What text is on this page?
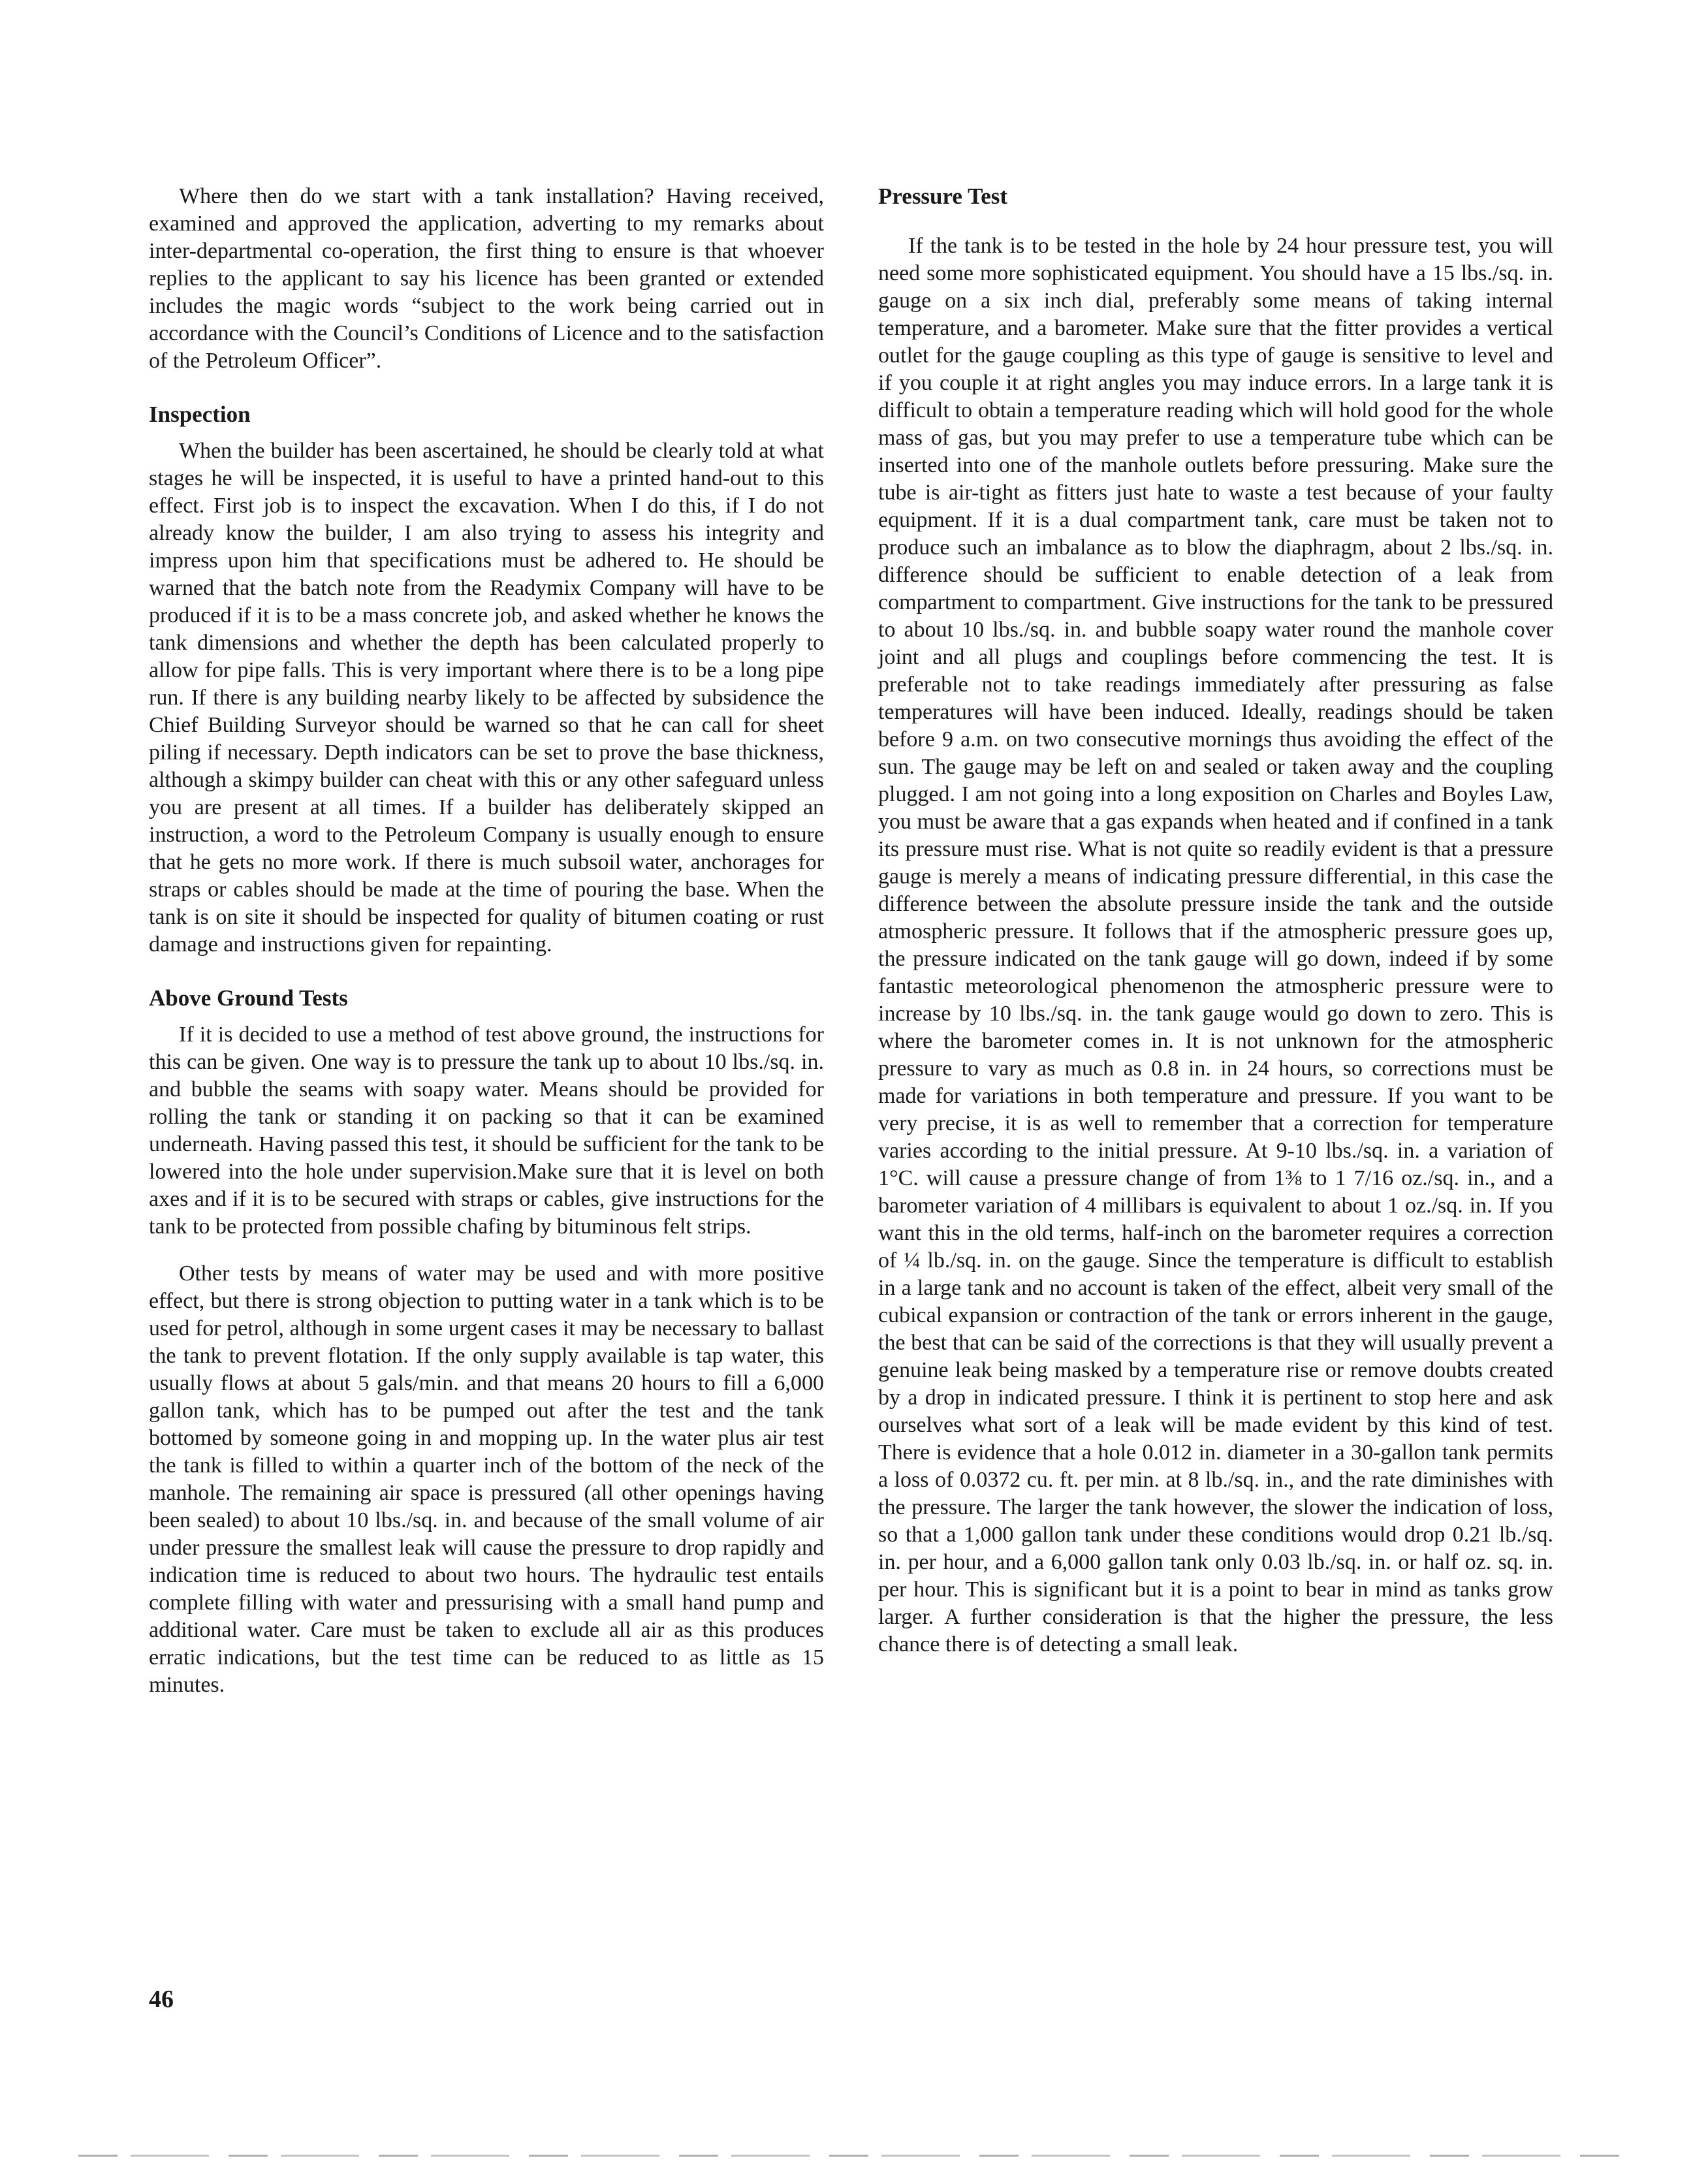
Where then do we start with a tank installation? Having received, examined and approved the application, adverting to my remarks about inter-departmental co-operation, the first thing to ensure is that whoever replies to the applicant to say his licence has been granted or extended includes the magic words “subject to the work being carried out in accordance with the Council’s Conditions of Licence and to the satisfaction of the Petroleum Officer”.

Inspection

When the builder has been ascertained, he should be clearly told at what stages he will be inspected, it is useful to have a printed hand-out to this effect. First job is to inspect the excavation. When I do this, if I do not already know the builder, I am also trying to assess his integrity and impress upon him that specifications must be adhered to. He should be warned that the batch note from the Readymix Company will have to be produced if it is to be a mass concrete job, and asked whether he knows the tank dimensions and whether the depth has been calculated properly to allow for pipe falls. This is very important where there is to be a long pipe run. If there is any building nearby likely to be affected by subsidence the Chief Building Surveyor should be warned so that he can call for sheet piling if necessary. Depth indicators can be set to prove the base thickness, although a skimpy builder can cheat with this or any other safeguard unless you are present at all times. If a builder has deliberately skipped an instruction, a word to the Petroleum Company is usually enough to ensure that he gets no more work. If there is much subsoil water, anchorages for straps or cables should be made at the time of pouring the base. When the tank is on site it should be inspected for quality of bitumen coating or rust damage and instructions given for repainting.

Above Ground Tests

If it is decided to use a method of test above ground, the instructions for this can be given. One way is to pressure the tank up to about 10 lbs./sq. in. and bubble the seams with soapy water. Means should be provided for rolling the tank or standing it on packing so that it can be examined underneath. Having passed this test, it should be sufficient for the tank to be lowered into the hole under supervision.Make sure that it is level on both axes and if it is to be secured with straps or cables, give instructions for the tank to be protected from possible chafing by bituminous felt strips.

Other tests by means of water may be used and with more positive effect, but there is strong objection to putting water in a tank which is to be used for petrol, although in some urgent cases it may be necessary to ballast the tank to prevent flotation. If the only supply available is tap water, this usually flows at about 5 gals/min. and that means 20 hours to fill a 6,000 gallon tank, which has to be pumped out after the test and the tank bottomed by someone going in and mopping up. In the water plus air test the tank is filled to within a quarter inch of the bottom of the neck of the manhole. The remaining air space is pressured (all other openings having been sealed) to about 10 lbs./sq. in. and because of the small volume of air under pressure the smallest leak will cause the pressure to drop rapidly and indication time is reduced to about two hours. The hydraulic test entails complete filling with water and pressurising with a small hand pump and additional water. Care must be taken to exclude all air as this produces erratic indications, but the test time can be reduced to as little as 15 minutes.

Pressure Test

If the tank is to be tested in the hole by 24 hour pressure test, you will need some more sophisticated equipment. You should have a 15 lbs./sq. in. gauge on a six inch dial, preferably some means of taking internal temperature, and a barometer. Make sure that the fitter provides a vertical outlet for the gauge coupling as this type of gauge is sensitive to level and if you couple it at right angles you may induce errors. In a large tank it is difficult to obtain a temperature reading which will hold good for the whole mass of gas, but you may prefer to use a temperature tube which can be inserted into one of the manhole outlets before pressuring. Make sure the tube is air-tight as fitters just hate to waste a test because of your faulty equipment. If it is a dual compartment tank, care must be taken not to produce such an imbalance as to blow the diaphragm, about 2 lbs./sq. in. difference should be sufficient to enable detection of a leak from compartment to compartment. Give instructions for the tank to be pressured to about 10 lbs./sq. in. and bubble soapy water round the manhole cover joint and all plugs and couplings before commencing the test. It is preferable not to take readings immediately after pressuring as false temperatures will have been induced. Ideally, readings should be taken before 9 a.m. on two consecutive mornings thus avoiding the effect of the sun. The gauge may be left on and sealed or taken away and the coupling plugged. I am not going into a long exposition on Charles and Boyles Law, you must be aware that a gas expands when heated and if confined in a tank its pressure must rise. What is not quite so readily evident is that a pressure gauge is merely a means of indicating pressure differential, in this case the difference between the absolute pressure inside the tank and the outside atmospheric pressure. It follows that if the atmospheric pressure goes up, the pressure indicated on the tank gauge will go down, indeed if by some fantastic meteorological phenomenon the atmospheric pressure were to increase by 10 lbs./sq. in. the tank gauge would go down to zero. This is where the barometer comes in. It is not unknown for the atmospheric pressure to vary as much as 0.8 in. in 24 hours, so corrections must be made for variations in both temperature and pressure. If you want to be very precise, it is as well to remember that a correction for temperature varies according to the initial pressure. At 9-10 lbs./sq. in. a variation of 1°C. will cause a pressure change of from 1⅜ to 1 7/16 oz./sq. in., and a barometer variation of 4 millibars is equivalent to about 1 oz./sq. in. If you want this in the old terms, half-inch on the barometer requires a correction of ¼ lb./sq. in. on the gauge. Since the temperature is difficult to establish in a large tank and no account is taken of the effect, albeit very small of the cubical expansion or contraction of the tank or errors inherent in the gauge, the best that can be said of the corrections is that they will usually prevent a genuine leak being masked by a temperature rise or remove doubts created by a drop in indicated pressure. I think it is pertinent to stop here and ask ourselves what sort of a leak will be made evident by this kind of test. There is evidence that a hole 0.012 in. diameter in a 30-gallon tank permits a loss of 0.0372 cu. ft. per min. at 8 lb./sq. in., and the rate diminishes with the pressure. The larger the tank however, the slower the indication of loss, so that a 1,000 gallon tank under these conditions would drop 0.21 lb./sq. in. per hour, and a 6,000 gallon tank only 0.03 lb./sq. in. or half oz. sq. in. per hour. This is significant but it is a point to bear in mind as tanks grow larger. A further consideration is that the higher the pressure, the less chance there is of detecting a small leak.

46
